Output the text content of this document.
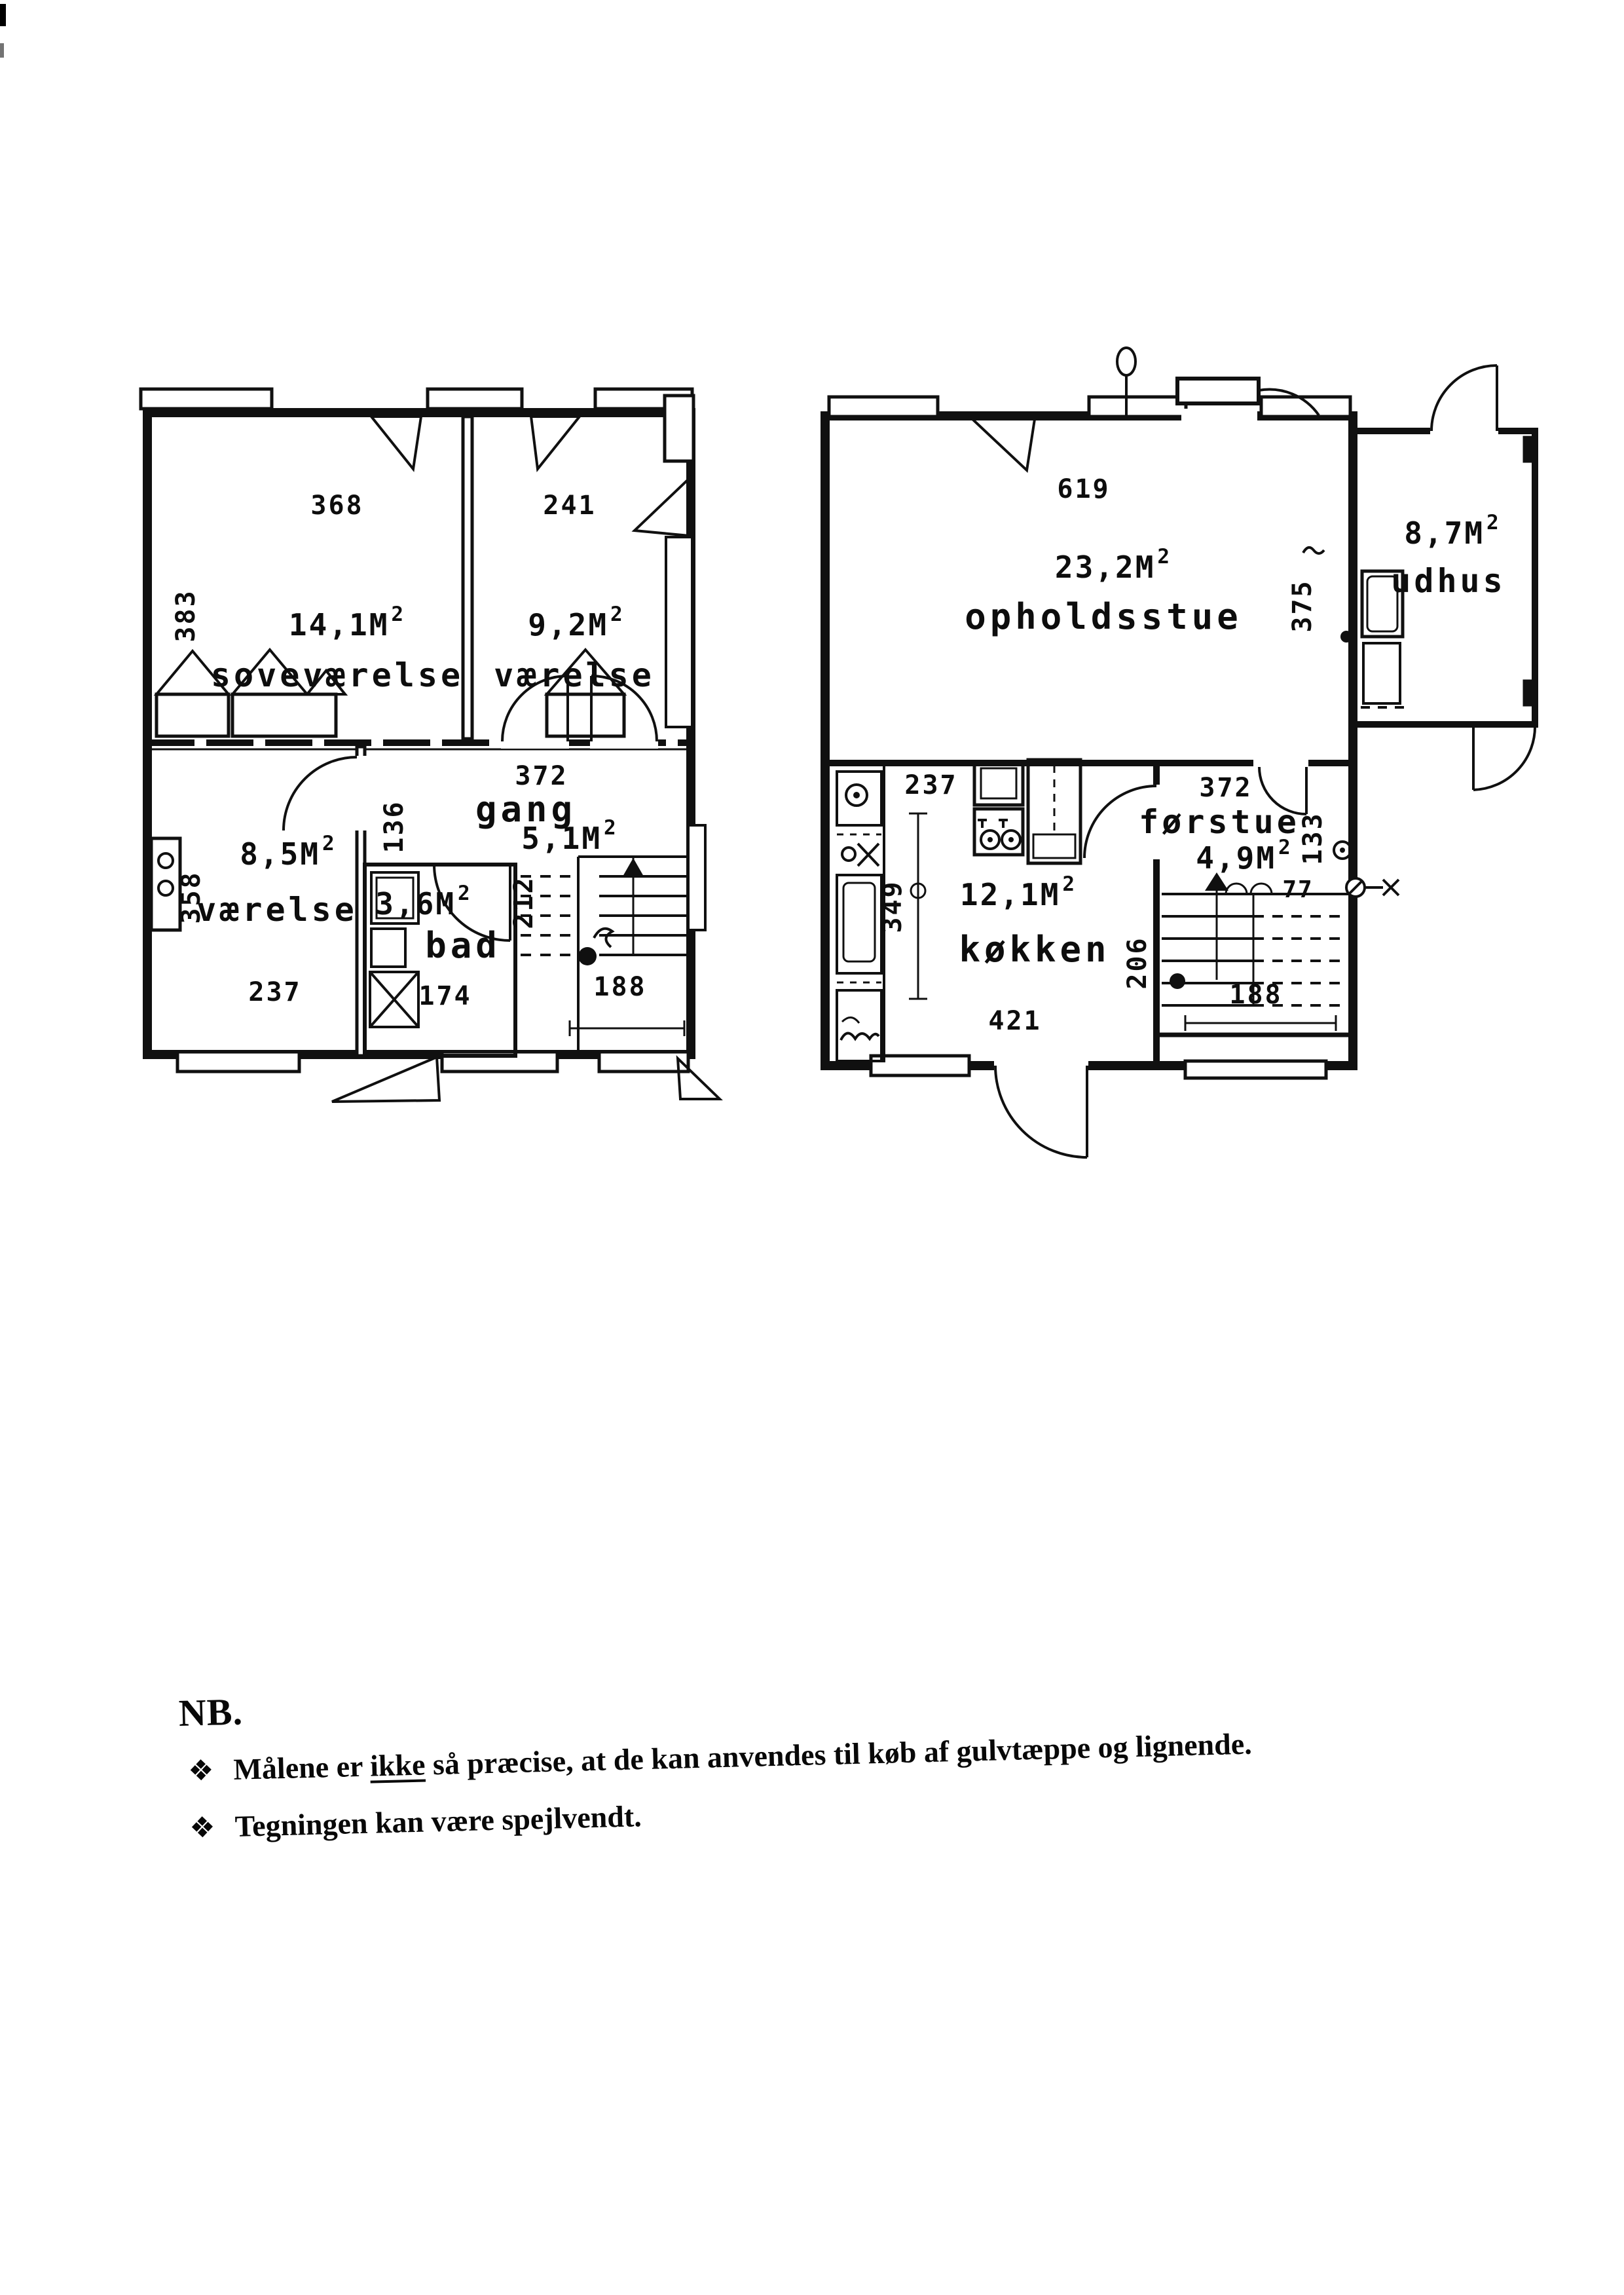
368	241
383	$14,1M^2$
soveværelse
$9,2M^2$
værelse
358
$8,5M^2$
værelse
136
372
gang
$5,1M^2$
$3,6M^2$
bad
212
237	174	188
619
$23,2M^2$
opholdsstue 375
$8,7M^2$
udhus
237	372
førstue
$4,9M^2$ 133
77
$12,1M^2$
køkken
349
421
188
206
NB.
❖ Målene er ikke så præcise, at de kan anvendes til køb af gulvtæppe og lignende.
❖ Tegningen kan være spejlvendt.
